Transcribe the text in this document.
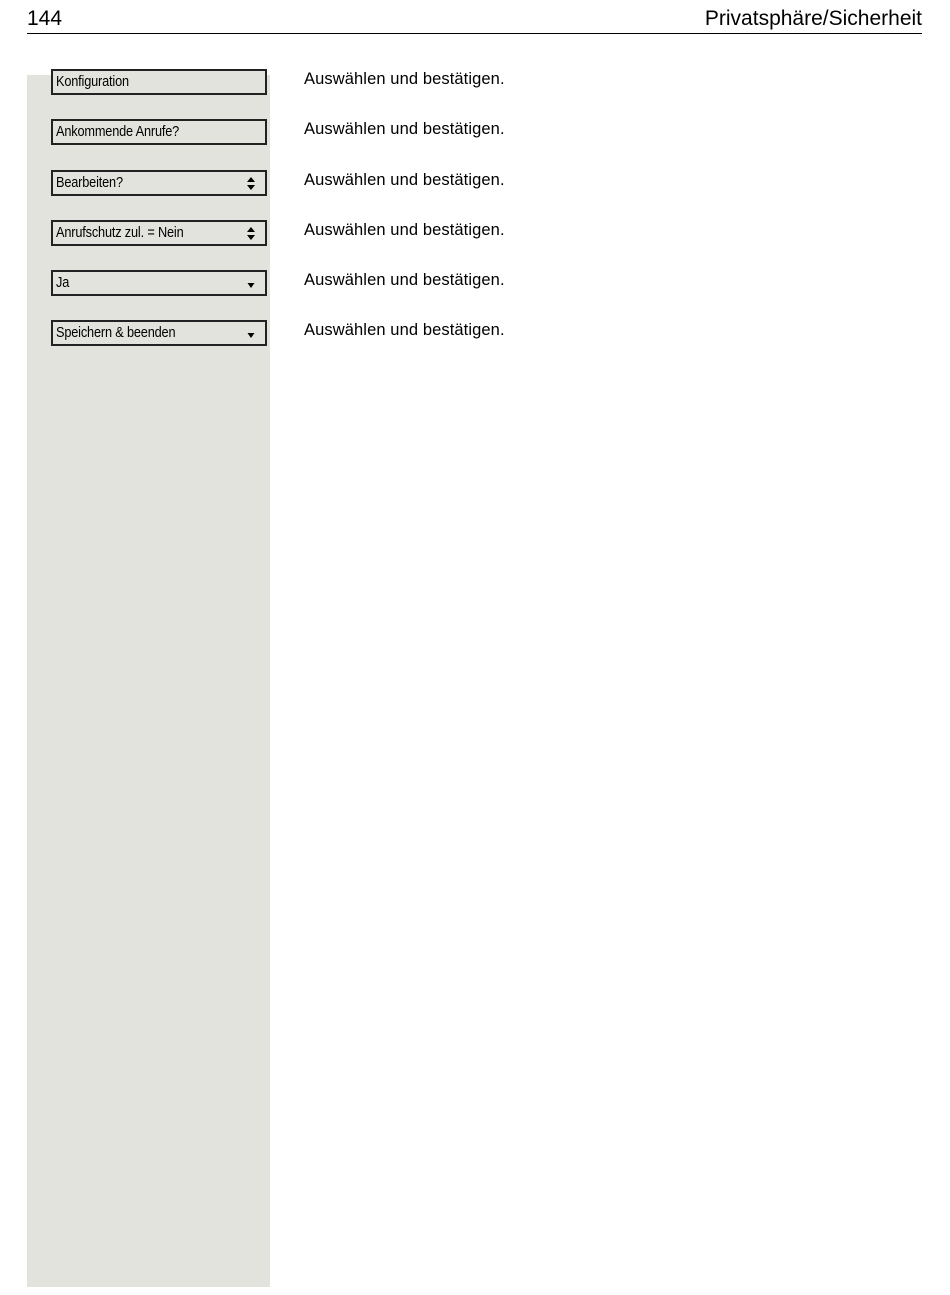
144	Privatsphäre/Sicherheit
Konfiguration	Auswählen und bestätigen.
Ankommende Anrufe?	Auswählen und bestätigen.
Bearbeiten?	Auswählen und bestätigen.
Anrufschutz zul. = Nein	Auswählen und bestätigen.
Ja	Auswählen und bestätigen.
Speichern & beenden	Auswählen und bestätigen.
